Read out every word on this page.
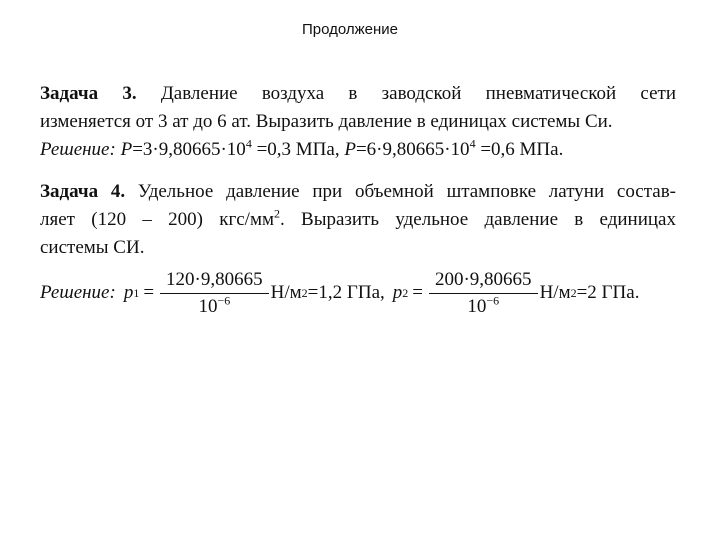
Продолжение
Задача 3. Давление воздуха в заводской пневматической сети
изменяется от 3 ат до 6 ат. Выразить давление в единицах системы Си.
Решение: $P=3\cdot 9,80665\cdot 10^4 =0,3$ МПа, $P=6\cdot 9,80665\cdot 10^4 =0,6$ МПа.
Задача 4. Удельное давление при объемной штамповке латуни состав-
ляет (120 – 200) кгс/$мм^2$. Выразить удельное давление в единицах
системы СИ.
Решение: p $1 = \frac{120\cdot 9,80665}{10^{-6}} Н/м$ 2 =1,2 ГПа, p $2 = \frac{200\cdot 9,80665}{10^{-6}} Н/м$ 2 =2 ГПа.
